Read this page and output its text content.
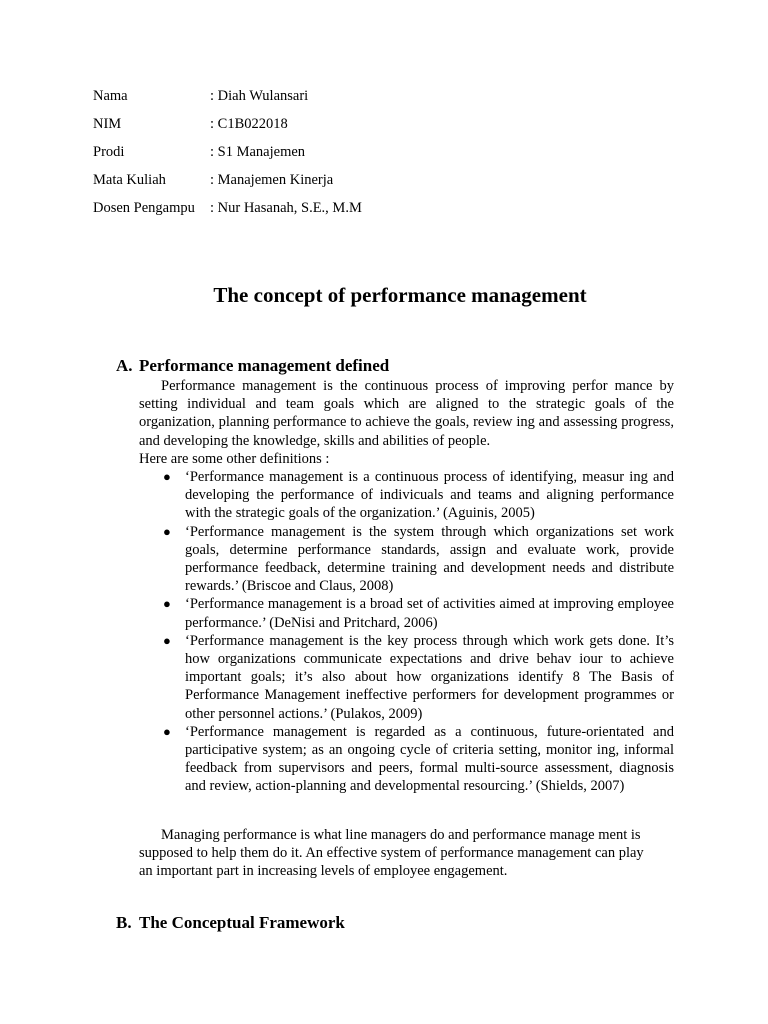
Nama	: Diah Wulansari
NIM	: C1B022018
Prodi	: S1 Manajemen
Mata Kuliah	: Manajemen Kinerja
Dosen Pengampu	: Nur Hasanah, S.E., M.M
The concept of performance management
A. Performance management defined

Performance management is the continuous process of improving perfor mance by setting individual and team goals which are aligned to the strategic goals of the organization, planning performance to achieve the goals, review ing and assessing progress, and developing the knowledge, skills and abilities of people.

Here are some other definitions :

● ‘Performance management is a continuous process of identifying, measur ing and developing the performance of indivicuals and teams and aligning performance with the strategic goals of the organization.’ (Aguinis, 2005)
● ‘Performance management is the system through which organizations set work goals, determine performance standards, assign and evaluate work, provide performance feedback, determine training and development needs and distribute rewards.’ (Briscoe and Claus, 2008)
● ‘Performance management is a broad set of activities aimed at improving employee performance.’ (DeNisi and Pritchard, 2006)
● ‘Performance management is the key process through which work gets done. It’s how organizations communicate expectations and drive behav iour to achieve important goals; it’s also about how organizations identify 8 The Basis of Performance Management ineffective performers for development programmes or other personnel actions.’ (Pulakos, 2009)
● ‘Performance management is regarded as a continuous, future-orientated and participative system; as an ongoing cycle of criteria setting, monitor ing, informal feedback from supervisors and peers, formal multi-source assessment, diagnosis and review, action-planning and developmental resourcing.’ (Shields, 2007)

Managing performance is what line managers do and performance manage ment is supposed to help them do it. An effective system of performance management can play an important part in increasing levels of employee engagement.

B. The Conceptual Framework
